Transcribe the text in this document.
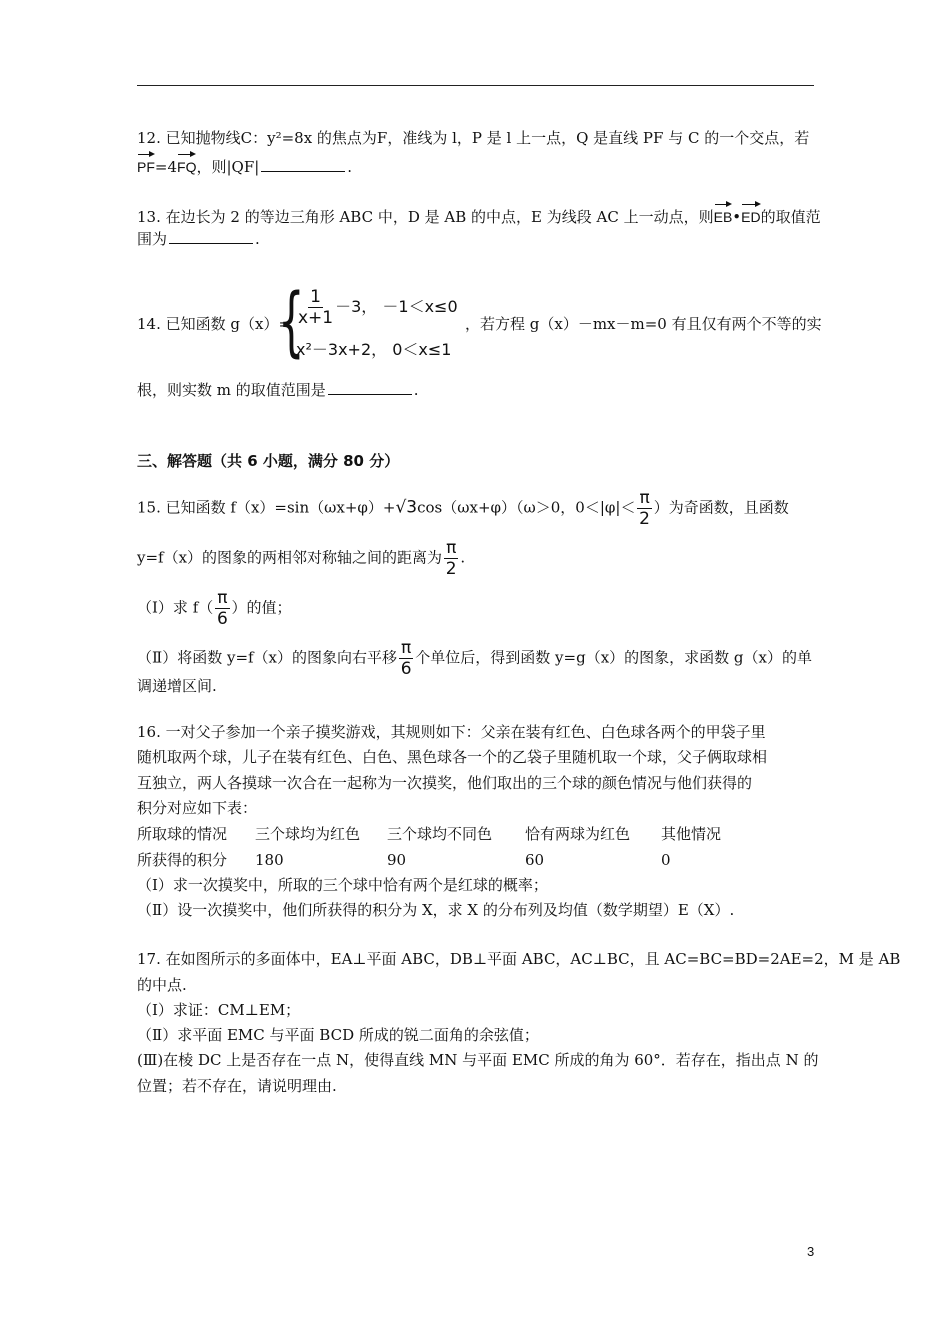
12. 已知抛物线C：y²=8x 的焦点为F，准线为 l，P 是 l 上一点，Q 是直线 PF 与 C 的一个交点，若
PF=4FQ，则|QF|	.
13. 在边长为 2 的等边三角形 ABC 中，D 是 AB 的中点，E 为线段 AC 上一动点，则EB•ED的取值范
围为	.
14. 已知函数 g（x）=
{
$\frac{1}{x+1} -3$， －1＜x≤0
x²－3x+2， 0＜x≤1
，若方程 g（x）－mx－m=0 有且仅有两个不等的实
根，则实数 m 的取值范围是	.
三、解答题（共 6 小题，满分 80 分）
15. 已知函数 f（x）=sin（ωx+φ）+√3cos（ωx+φ）（ω＞0，$0<|\varphi|< \frac{\pi}{2}$ ）为奇函数，且函数
y=f（x）的图象的两相邻对称轴之间的距离为 $\frac{\pi}{2}$ .
（Ⅰ）求 $f( \frac{\pi}{6}$ ）的值；
（Ⅱ）将函数 y=f（x）的图象向右平移 $\frac{\pi}{6}$ 个单位后，得到函数 y=g（x）的图象，求函数 g（x）的单
调递增区间.
16. 一对父子参加一个亲子摸奖游戏，其规则如下：父亲在装有红色、白色球各两个的甲袋子里
随机取两个球，儿子在装有红色、白色、黑色球各一个的乙袋子里随机取一个球，父子俩取球相
互独立，两人各摸球一次合在一起称为一次摸奖，他们取出的三个球的颜色情况与他们获得的
积分对应如下表：
所取球的情况 三个球均为红色 三个球均不同色 恰有两球为红色 其他情况
所获得的积分 180	90	60	0
（Ⅰ）求一次摸奖中，所取的三个球中恰有两个是红球的概率；
（Ⅱ）设一次摸奖中，他们所获得的积分为 X，求 X 的分布列及均值（数学期望）E（X）.
17. 在如图所示的多面体中，EA⊥平面 ABC，DB⊥平面 ABC，AC⊥BC，且 AC=BC=BD=2AE=2，M 是 AB
的中点.
（Ⅰ）求证：CM⊥EM；
（Ⅱ）求平面 EMC 与平面 BCD 所成的锐二面角的余弦值；
(Ⅲ)在棱 DC 上是否存在一点 N，使得直线 MN 与平面 EMC 所成的角为 60°．若存在，指出点 N 的
位置；若不存在，请说明理由.
3
